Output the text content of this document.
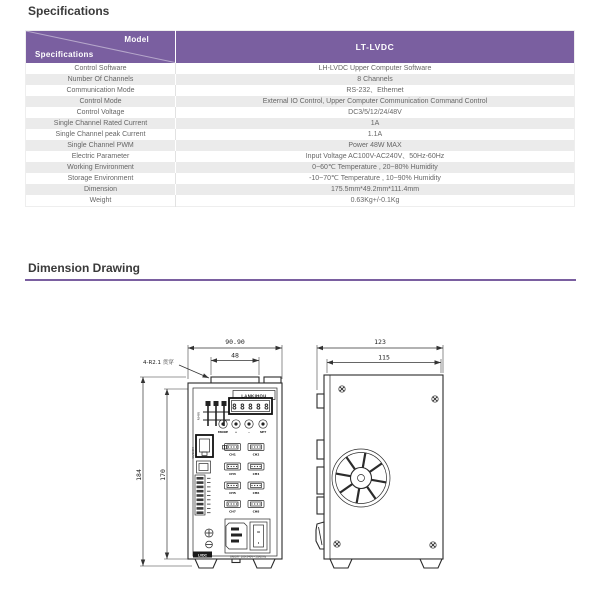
Specifications
Model
Specifications	LT-LVDC
Control Software	LH-LVDC Upper Computer Software
Number Of Channels	8 Channels
Communication Mode	RS-232、Ethernet
Control Mode	External IO Control, Upper Computer Communication Command Control
Control Voltage	DC3/5/12/24/48V
Single Channel Rated Current	1A
Single Channel peak Current	1.1A
Single Channel PWM	Power 48W MAX
Electric Parameter	Input Voltage AC100V-AC240V、50Hz-60Hz
Working Environment	0~60℃ Temperature , 20~80% Humidity
Storage Environment	-10~70℃ Temperature , 10~90% Humidity
Dimension	175.5mm*49.2mm*111.4mm
Weight	0.63Kg+/-0.1Kg
Dimension Drawing
90.90
48
184 170
4-R2.1 贯穿
LANKIHOU
RS485
88888
MODE +	-	SET
10/100M	CH1	CH2
CH3	CH4
CH5	CH6
CH7	CH8
O
I
LVDC	ON/OFF 100-240V~50/60Hz
123
115
